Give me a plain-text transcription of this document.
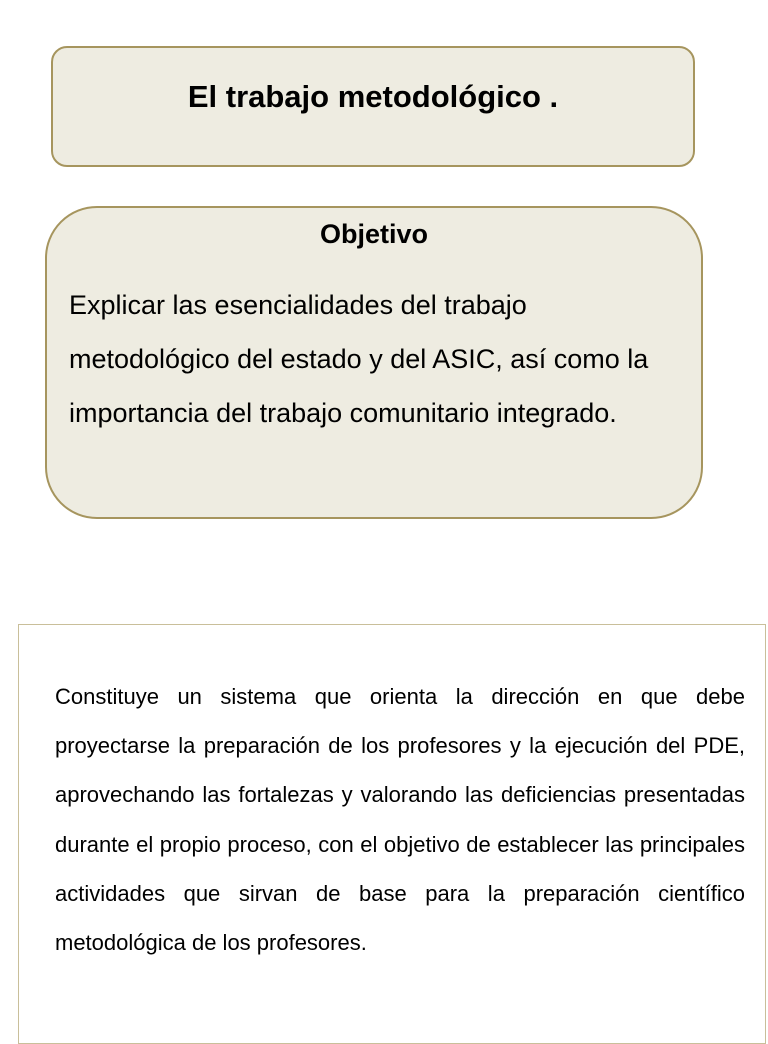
El trabajo metodológico .
Objetivo
Explicar las esencialidades del trabajo metodológico del estado y del ASIC, así como la importancia del trabajo comunitario integrado.
Constituye un sistema que orienta la dirección en que debe proyectarse la preparación de los profesores y la ejecución del PDE, aprovechando las fortalezas y valorando las deficiencias presentadas durante el propio proceso, con el objetivo de establecer las principales actividades que sirvan de base para la preparación científico metodológica de los profesores.
